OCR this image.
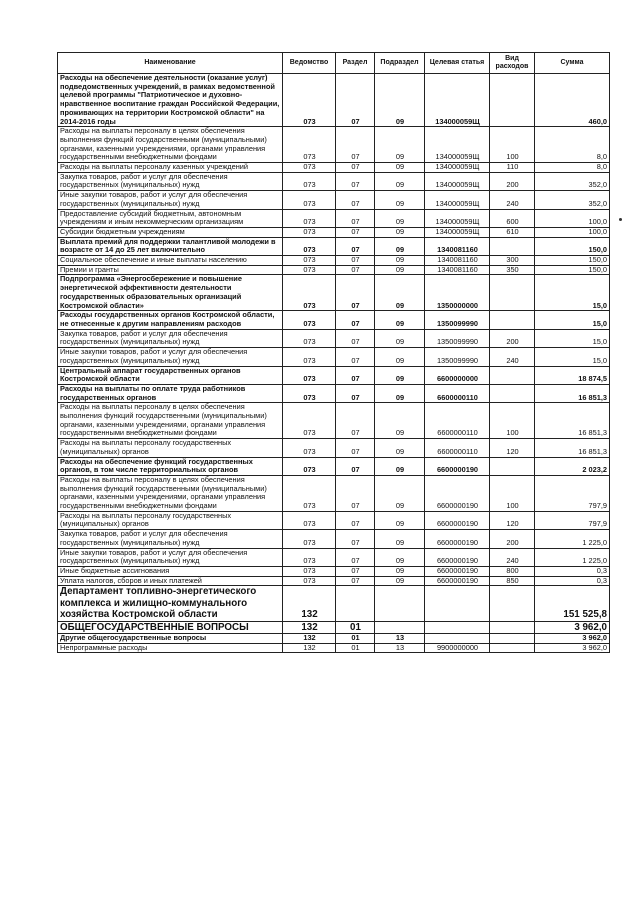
Наименование	Ведомство	Раздел	Подраздел	Целевая статья	Вид расходов	Сумма
Расходы на обеспечение деятельности (оказание услуг) подведомственных учреждений, в рамках ведомственной целевой программы "Патриотическое и духовно-нравственное воспитание граждан Российской Федерации, проживающих на территории Костромской области" на 2014-2016 годы	073	07	09	134000059Щ		460,0
Расходы на выплаты персоналу в целях обеспечения выполнения функций государственными (муниципальными) органами, казенными учреждениями, органами управления государственными внебюджетными фондами	073	07	09	134000059Щ	100	8,0
Расходы на выплаты персоналу казенных учреждений	073	07	09	134000059Щ	110	8,0
Закупка товаров, работ и услуг для обеспечения государственных (муниципальных) нужд	073	07	09	134000059Щ	200	352,0
Иные закупки товаров, работ и услуг для обеспечения государственных (муниципальных) нужд	073	07	09	134000059Щ	240	352,0
Предоставление субсидий бюджетным, автономным учреждениям и иным некоммерческим организациям	073	07	09	134000059Щ	600	100,0
Субсидии бюджетным учреждениям	073	07	09	134000059Щ	610	100,0
Выплата премий для поддержки талантливой молодежи в возрасте от 14 до 25 лет включительно	073	07	09	1340081160		150,0
Социальное обеспечение и иные выплаты населению	073	07	09	1340081160	300	150,0
Премии и гранты	073	07	09	1340081160	350	150,0
Подпрограмма «Энергосбережение и повышение энергетической эффективности деятельности государственных образовательных организаций Костромской области»	073	07	09	1350000000		15,0
Расходы государственных органов Костромской области, не отнесенные к другим направлениям расходов	073	07	09	1350099990		15,0
Закупка товаров, работ и услуг для обеспечения государственных (муниципальных) нужд	073	07	09	1350099990	200	15,0
Иные закупки товаров, работ и услуг для обеспечения государственных (муниципальных) нужд	073	07	09	1350099990	240	15,0
Центральный аппарат государственных органов Костромской области	073	07	09	6600000000		18 874,5
Расходы на выплаты по оплате труда работников государственных органов	073	07	09	6600000110		16 851,3
Расходы на выплаты персоналу в целях обеспечения выполнения функций государственными (муниципальными) органами, казенными учреждениями, органами управления государственными внебюджетными фондами	073	07	09	6600000110	100	16 851,3
Расходы на выплаты персоналу государственных (муниципальных) органов	073	07	09	6600000110	120	16 851,3
Расходы на обеспечение функций государственных органов, в том числе территориальных органов	073	07	09	6600000190		2 023,2
Расходы на выплаты персоналу в целях обеспечения выполнения функций государственными (муниципальными) органами, казенными учреждениями, органами управления государственными внебюджетными фондами	073	07	09	6600000190	100	797,9
Расходы на выплаты персоналу государственных (муниципальных) органов	073	07	09	6600000190	120	797,9
Закупка товаров, работ и услуг для обеспечения государственных (муниципальных) нужд	073	07	09	6600000190	200	1 225,0
Иные закупки товаров, работ и услуг для обеспечения государственных (муниципальных) нужд	073	07	09	6600000190	240	1 225,0
Иные бюджетные ассигнования	073	07	09	6600000190	800	0,3
Уплата налогов, сборов и иных платежей	073	07	09	6600000190	850	0,3
Департамент топливно-энергетического комплекса и жилищно-коммунального хозяйства Костромской области	132					151 525,8
ОБЩЕГОСУДАРСТВЕННЫЕ ВОПРОСЫ	132	01				3 962,0
Другие общегосударственные вопросы	132	01	13			3 962,0
Непрограммные расходы	132	01	13	9900000000		3 962,0
